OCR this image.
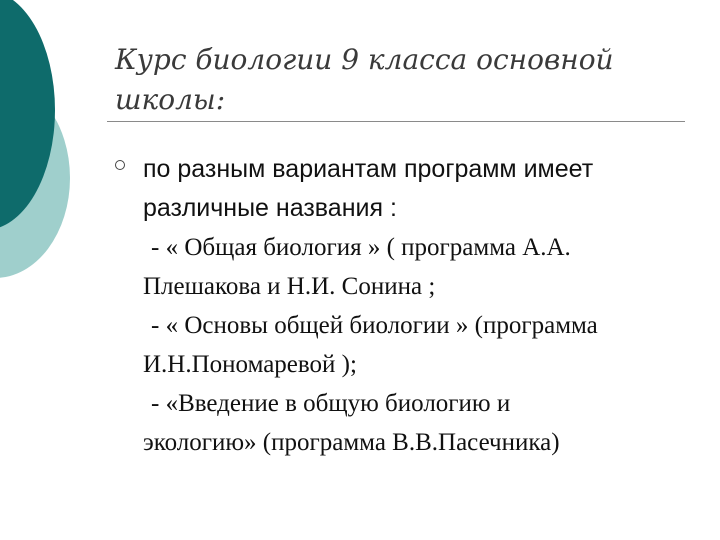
Курс биологии 9 класса основной
школы:
по разным вариантам программ имеет
различные названия :

- « Общая биология » ( программа А.А.
Плешакова и Н.И. Сонина ;

- « Основы общей биологии » (программа
И.Н.Пономаревой );

- «Введение в общую биологию и
экологию» (программа В.В.Пасечника)
